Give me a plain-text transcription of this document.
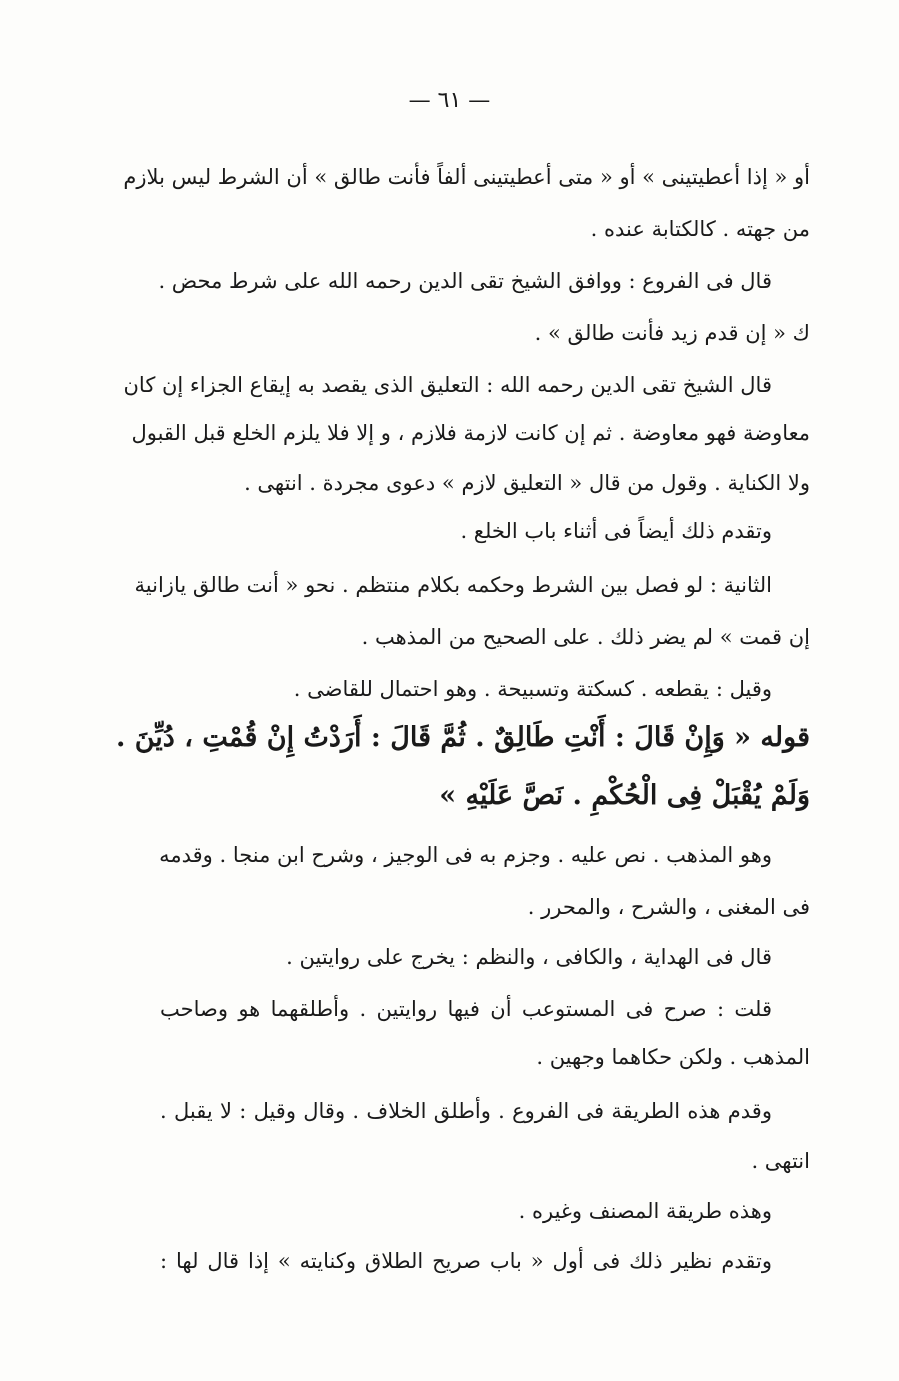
— ٦١ —
أو « إذا أعطيتينى » أو « متى أعطيتينى ألفاً فأنت طالق » أن الشرط ليس بلازم
من جهته . كالكتابة عنده .
قال فى الفروع : ووافق الشيخ تقى الدين رحمه الله على شرط محض .
ك « إن قدم زيد فأنت طالق » .
قال الشيخ تقى الدين رحمه الله : التعليق الذى يقصد به إيقاع الجزاء إن كان
معاوضة فهو معاوضة . ثم إن كانت لازمة فلازم ، و إلا فلا يلزم الخلع قبل القبول
ولا الكناية . وقول من قال « التعليق لازم » دعوى مجردة . انتهى .
وتقدم ذلك أيضاً فى أثناء باب الخلع .
الثانية : لو فصل بين الشرط وحكمه بكلام منتظم . نحو « أنت طالق يازانية
إن قمت » لم يضر ذلك . على الصحيح من المذهب .
وقيل : يقطعه . كسكتة وتسبيحة . وهو احتمال للقاضى .
قوله « وَإِنْ قَالَ : أَنْتِ طَالِقٌ . ثُمَّ قَالَ : أَرَدْتُ إِنْ قُمْتِ ، دُيِّنَ .
وَلَمْ يُقْبَلْ فِى الْحُكْمِ . نَصَّ عَلَيْهِ »
وهو المذهب . نص عليه . وجزم به فى الوجيز ، وشرح ابن منجا . وقدمه
فى المغنى ، والشرح ، والمحرر .
قال فى الهداية ، والكافى ، والنظم : يخرج على روايتين .
قلت : صرح فى المستوعب أن فيها روايتين . وأطلقهما هو وصاحب
المذهب . ولكن حكاهما وجهين .
وقدم هذه الطريقة فى الفروع . وأطلق الخلاف . وقال وقيل : لا يقبل .
انتهى .
وهذه طريقة المصنف وغيره .
وتقدم نظير ذلك فى أول « باب صريح الطلاق وكنايته » إذا قال لها :
